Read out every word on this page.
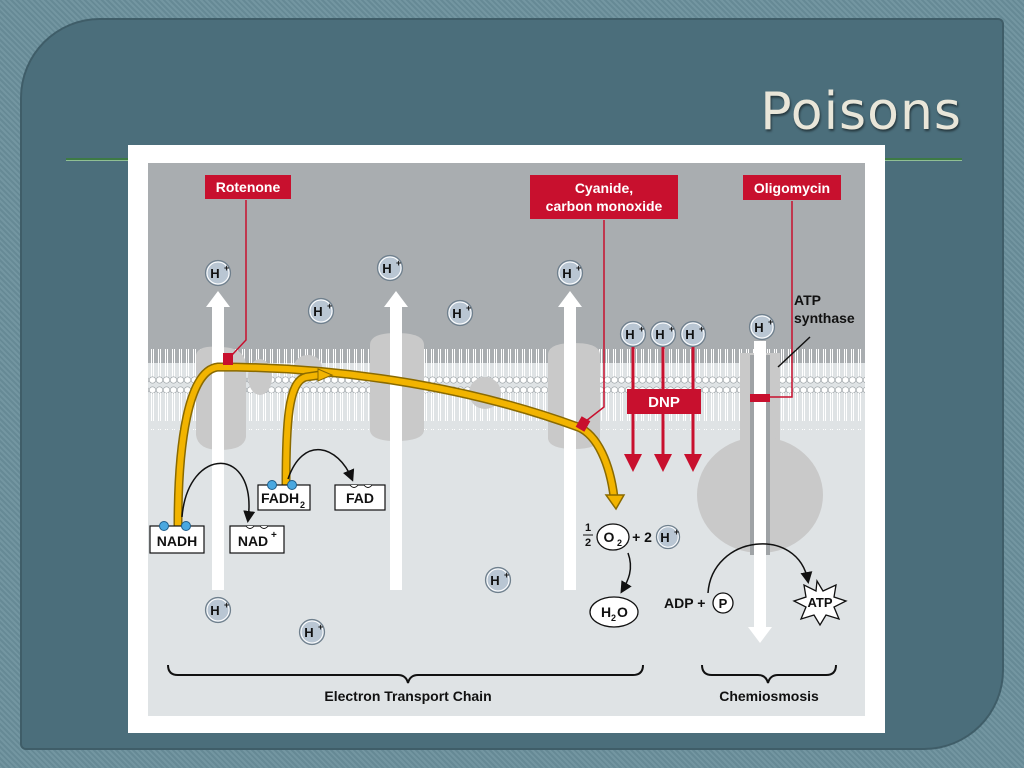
Poisons
Rotenone	Cyanide,
carbon monoxide
Oligomycin
ATP
synthase
DNP
H +
H +
H +
H +
H +
H + H + H +	H +
H +
H +
H +
NADH	NAD +
FADH 2	FAD
1
2 O 2 + 2 H +
H 2 O
ADP + P	ATP
Electron Transport Chain	Chemiosmosis
